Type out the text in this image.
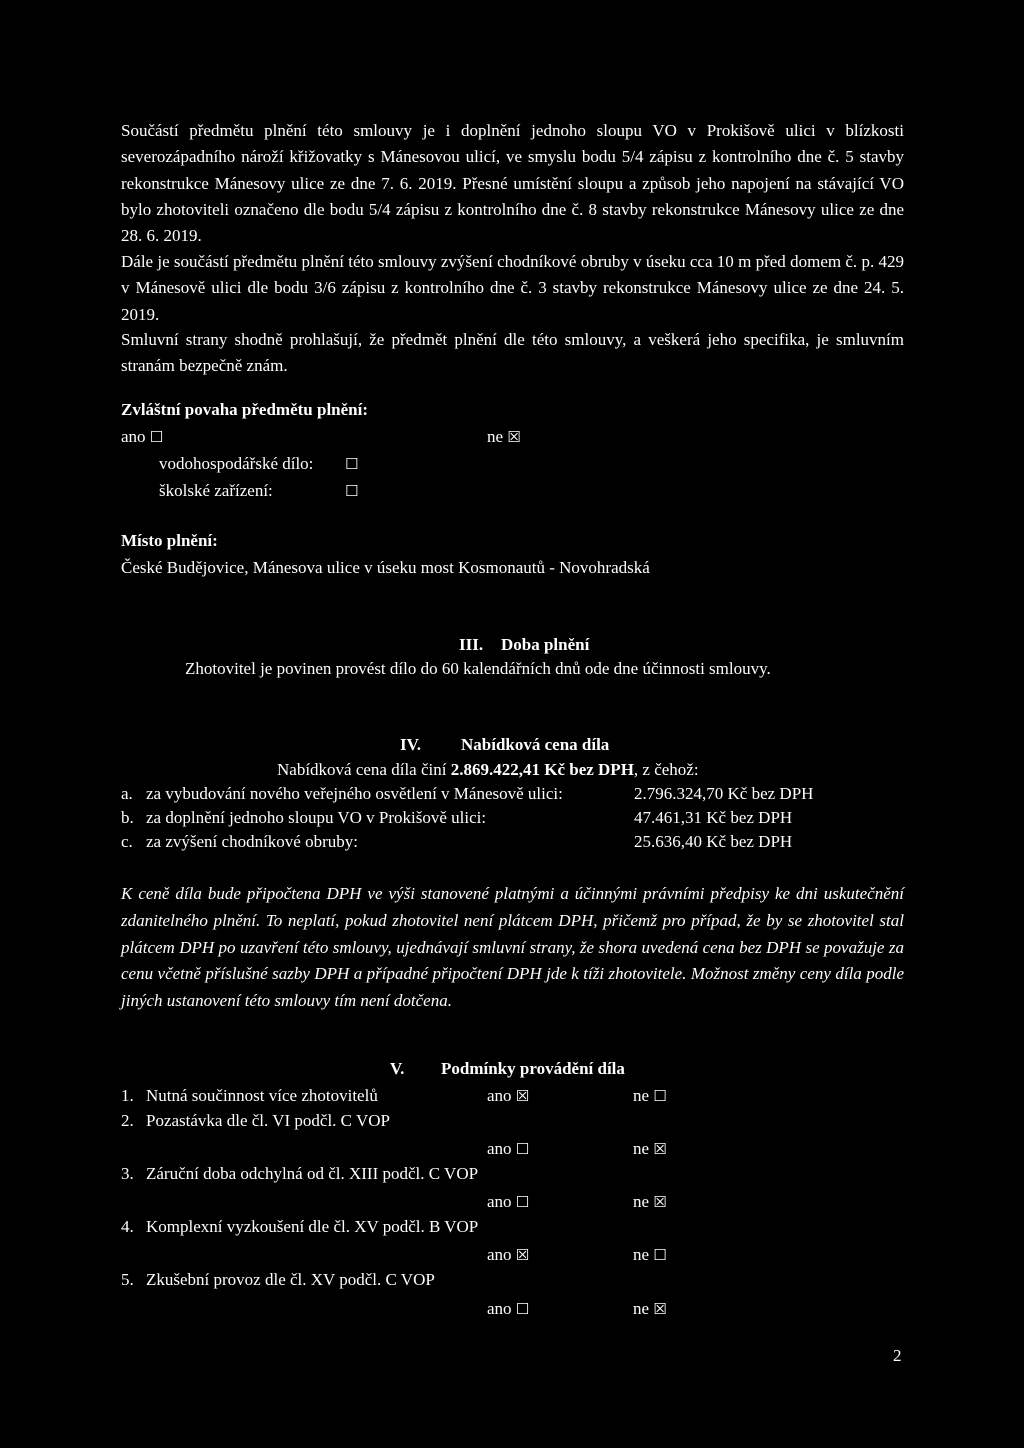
Součástí předmětu plnění této smlouvy je i doplnění jednoho sloupu VO v Prokišově ulici v blízkosti severozápadního nároží křižovatky s Mánesovou ulicí, ve smyslu bodu 5/4 zápisu z kontrolního dne č. 5 stavby rekonstrukce Mánesovy ulice ze dne 7. 6. 2019. Přesné umístění sloupu a způsob jeho napojení na stávající VO bylo zhotoviteli označeno dle bodu 5/4 zápisu z kontrolního dne č. 8 stavby rekonstrukce Mánesovy ulice ze dne 28. 6. 2019.

Dále je součástí předmětu plnění této smlouvy zvýšení chodníkové obruby v úseku cca 10 m před domem č. p. 429 v Mánesově ulici dle bodu 3/6 zápisu z kontrolního dne č. 3 stavby rekonstrukce Mánesovy ulice ze dne 24. 5. 2019.

Smluvní strany shodně prohlašují, že předmět plnění dle této smlouvy, a veškerá jeho specifika, je smluvním stranám bezpečně znám.

Zvláštní povaha předmětu plnění:
ano ☐	ne ☒
vodohospodářské dílo: ☐
školské zařízení:	☐
Místo plnění:
České Budějovice, Mánesova ulice v úseku most Kosmonautů - Novohradská
III. Doba plnění
Zhotovitel je povinen provést dílo do 60 kalendářních dnů ode dne účinnosti smlouvy.
IV. Nabídková cena díla
Nabídková cena díla činí 2.869.422,41 Kč bez DPH, z čehož:
a. za vybudování nového veřejného osvětlení v Mánesově ulici:	2.796.324,70 Kč bez DPH
b. za doplnění jednoho sloupu VO v Prokišově ulici:	47.461,31 Kč bez DPH
c. za zvýšení chodníkové obruby:	25.636,40 Kč bez DPH

K ceně díla bude připočtena DPH ve výši stanovené platnými a účinnými právními předpisy ke dni uskutečnění zdanitelného plnění. To neplatí, pokud zhotovitel není plátcem DPH, přičemž pro případ, že by se zhotovitel stal plátcem DPH po uzavření této smlouvy, ujednávají smluvní strany, že shora uvedená cena bez DPH se považuje za cenu včetně příslušné sazby DPH a případné připočtení DPH jde k tíži zhotovitele. Možnost změny ceny díla podle jiných ustanovení této smlouvy tím není dotčena.

V. Podmínky provádění díla
1. Nutná součinnost více zhotovitelů	ano ☒	ne ☐
2. Pozastávka dle čl. VI podčl. C VOP
ano ☐	ne ☒
3. Záruční doba odchylná od čl. XIII podčl. C VOP
ano ☐	ne ☒
4. Komplexní vyzkoušení dle čl. XV podčl. B VOP
ano ☒	ne ☐
5. Zkušební provoz dle čl. XV podčl. C VOP
ano ☐	ne ☒
2
